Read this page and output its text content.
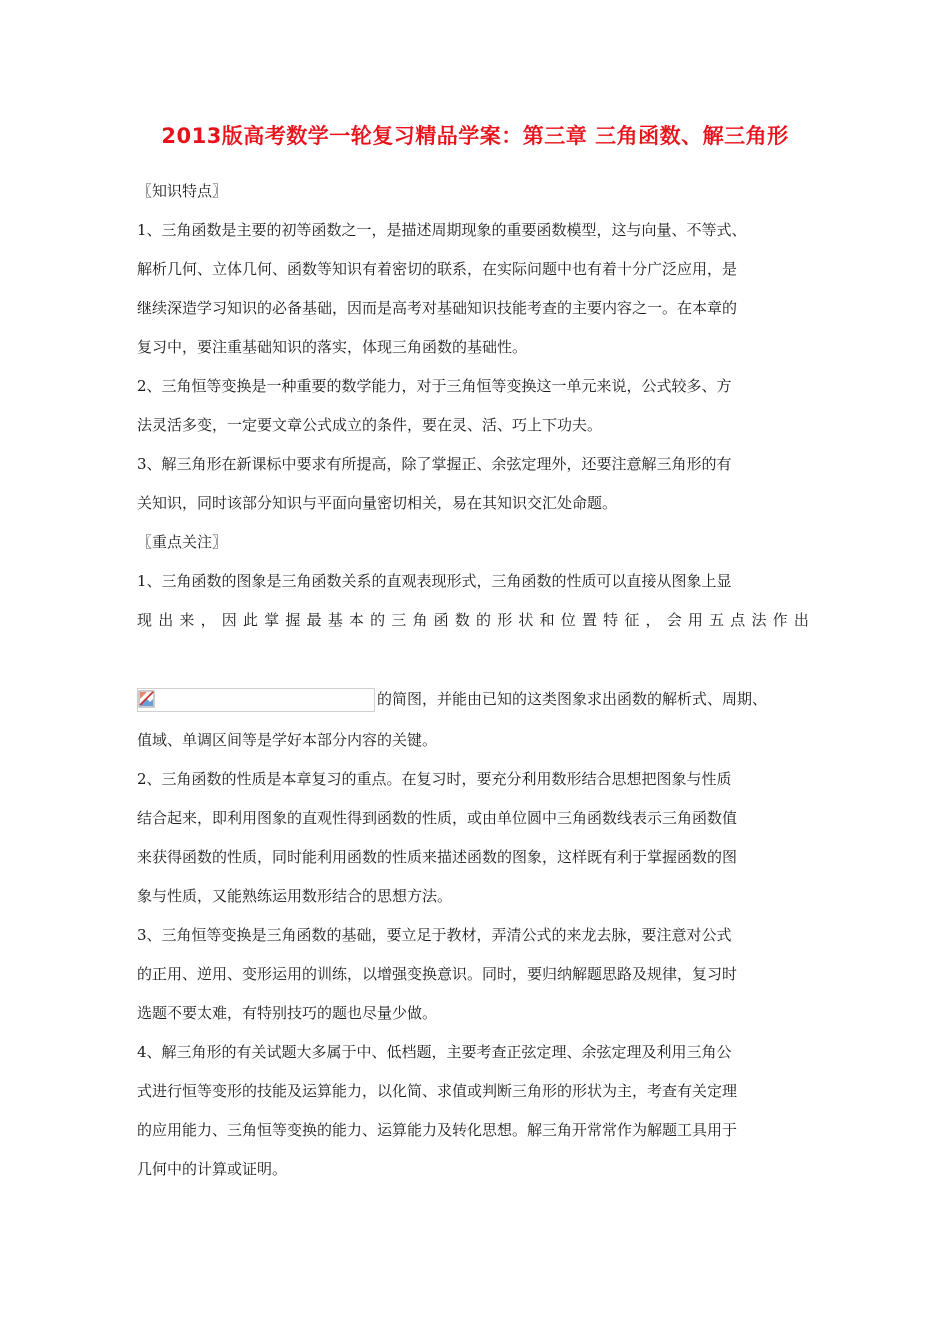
2013版高考数学一轮复习精品学案：第三章 三角函数、解三角形
〖知识特点〗
1、三角函数是主要的初等函数之一，是描述周期现象的重要函数模型，这与向量、不等式、
解析几何、立体几何、函数等知识有着密切的联系，在实际问题中也有着十分广泛应用，是
继续深造学习知识的必备基础，因而是高考对基础知识技能考查的主要内容之一。在本章的
复习中，要注重基础知识的落实，体现三角函数的基础性。
2、三角恒等变换是一种重要的数学能力，对于三角恒等变换这一单元来说，公式较多、方
法灵活多变，一定要文章公式成立的条件，要在灵、活、巧上下功夫。
3、解三角形在新课标中要求有所提高，除了掌握正、余弦定理外，还要注意解三角形的有
关知识，同时该部分知识与平面向量密切相关，易在其知识交汇处命题。
〖重点关注〗
1、三角函数的图象是三角函数关系的直观表现形式，三角函数的性质可以直接从图象上显
现 出 来 ， 因 此 掌 握 最 基 本 的 三 角 函 数 的 形 状 和 位 置 特 征 ， 会 用 五 点 法 作 出
的简图，并能由已知的这类图象求出函数的解析式、周期、
值域、单调区间等是学好本部分内容的关键。
2、三角函数的性质是本章复习的重点。在复习时，要充分利用数形结合思想把图象与性质
结合起来，即利用图象的直观性得到函数的性质，或由单位圆中三角函数线表示三角函数值
来获得函数的性质，同时能利用函数的性质来描述函数的图象，这样既有利于掌握函数的图
象与性质，又能熟练运用数形结合的思想方法。
3、三角恒等变换是三角函数的基础，要立足于教材，弄清公式的来龙去脉，要注意对公式
的正用、逆用、变形运用的训练，以增强变换意识。同时，要归纳解题思路及规律，复习时
选题不要太难，有特别技巧的题也尽量少做。
4、解三角形的有关试题大多属于中、低档题，主要考查正弦定理、余弦定理及利用三角公
式进行恒等变形的技能及运算能力，以化简、求值或判断三角形的形状为主，考查有关定理
的应用能力、三角恒等变换的能力、运算能力及转化思想。解三角开常常作为解题工具用于
几何中的计算或证明。
